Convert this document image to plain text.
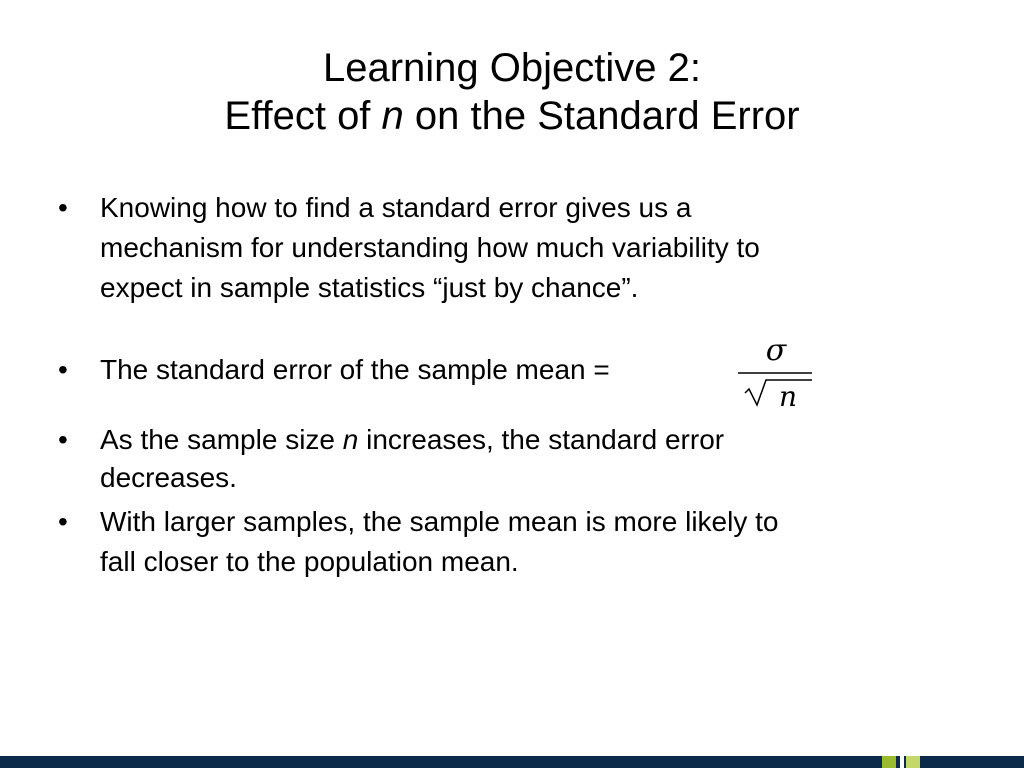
Learning Objective 2:
Effect of n on the Standard Error
• Knowing how to find a standard error gives us a
mechanism for understanding how much variability to
expect in sample statistics “just by chance”.
• The standard error of the sample mean =
• As the sample size n increases, the standard error
decreases.
• With larger samples, the sample mean is more likely to
fall closer to the population mean.
σ
n
